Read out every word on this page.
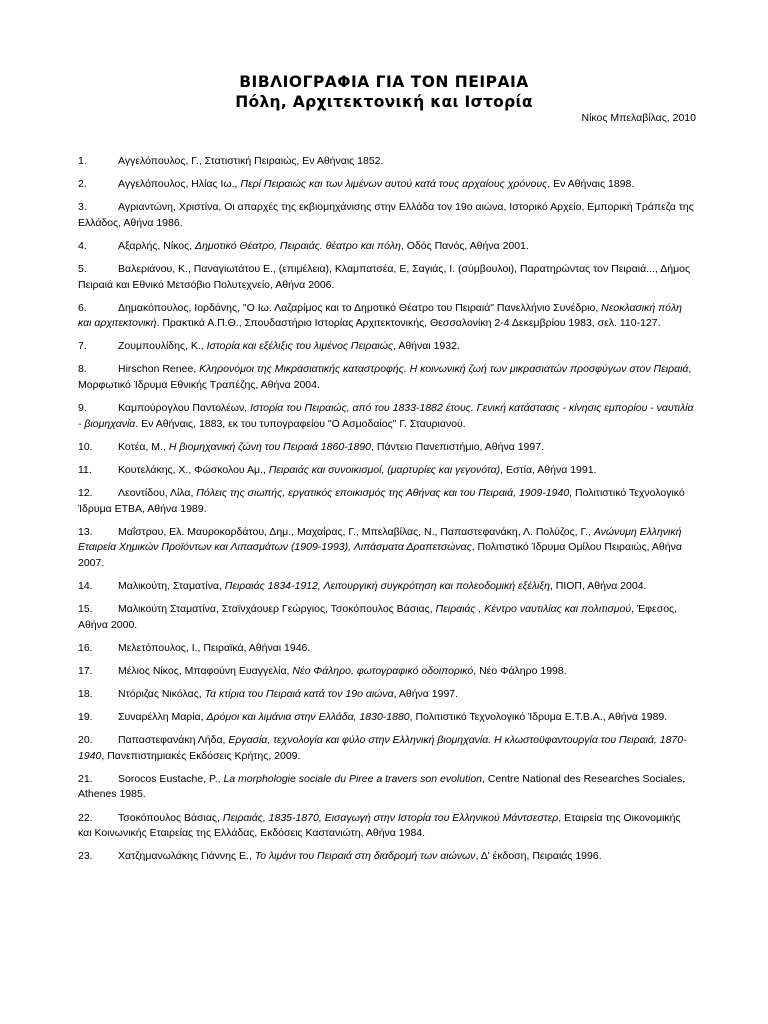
ΒΙΒΛΙΟΓΡΑΦΙΑ ΓΙΑ ΤΟΝ ΠΕΙΡΑΙΑ
Πόλη, Αρχιτεκτονική και Ιστορία

Νίκος Μπελαβίλας, 2010

1.	Αγγελόπουλος, Γ., Στατιστική Πειραιώς, Εν Αθήναις 1852.
2.	Αγγελόπουλος, Ηλίας Ιω., Περί Πειραιώς και των λιμένων αυτού κατά τους αρχαίους χρόνους, Εν Αθήναις 1898.
3.	Αγριαντώνη, Χριστίνα, Οι απαρχές της εκβιομηχάνισης στην Ελλάδα τον 19ο αιώνα, Ιστορικό Αρχείο, Εμπορική Τράπεζα της Ελλάδος, Αθήνα 1986.
4.	Αξαρλής, Νίκος, Δημοτικό Θέατρο, Πειραιάς. θέατρο και πόλη, Οδός Πανός, Αθήνα 2001.
5.	Βαλεριάνου, Κ., Παναγιωτάτου Ε., (επιμέλεια), Κλαμπατσέα, Ε, Σαγιάς, Ι. (σύμβουλοι), Παρατηρώντας τον Πειραιά..., Δήμος Πειραιά και Εθνικό Μετσόβιο Πολυτεχνείο, Αθήνα 2006.
6.	Δημακόπουλος, Ιορδάνης, "Ο Ιω. Λαζαρίμος και το Δημοτικό Θέατρο του Πειραιά" Πανελλήνιο Συνέδριο, Νεοκλασική πόλη και αρχιτεκτονική. Πρακτικά Α.Π.Θ., Σπουδαστήριο Ιστορίας Αρχιτεκτονικής, Θεσσαλονίκη 2-4 Δεκεμβρίου 1983, σελ. 110-127.
7.	Ζουμπουλίδης, Κ., Ιστορία και εξέλιξις του λιμένος Πειραιώς, Αθήναι 1932.
8.	Hirschon Renee, Κληρονόμοι της Μικρασιατικής καταστροφής. Η κοινωνική ζωή των μικρασιατών πρoσφύγων στον Πειραιά, Μορφωτικό Ίδρυμα Εθνικής Τραπέζης, Αθήνα 2004.
9.	Καμπούρογλου Παντολέων, Ιστορία του Πειραιώς, από του 1833-1882 έτους. Γενική κατάστασις - κίνησις εμπορίου - ναυτιλία - βιομηχανία. Εν Αθήναις, 1883, εκ του τυπογραφείου "Ο Ασμοδαίος" Γ. Σταυριανού.
10. Κοτέα, Μ., Η βιομηχανική ζώνη του Πειραιά 1860-1890, Πάντειο Πανεπιστήμιο, Αθήνα 1997.
11. Κουτελάκης, Χ., Φώσκολου Αμ., Πειραιάς και συνοικισμοί, (μαρτυρίες και γεγονότα), Εστία, Αθήνα 1991.
12. Λεοντίδου, Λίλα, Πόλεις της σιωπής, εργατικός εποικισμός της Αθήνας και του Πειραιά, 1909-1940, Πολιτιστικό Τεχνολογικό Ίδρυμα ΕΤΒΑ, Αθήνα 1989.
13. Μαΐστρου, Ελ. Μαυροκορδάτου, Δημ., Μαχαίρας, Γ., Μπελαβίλας, Ν., Παπαστεφανάκη, Λ. Πολύζος, Γ., Ανώνυμη Ελληνική Εταιρεία Χημικών Προϊόντων και Λιπασμάτων (1909-1993), Λιπάσματα Δραπετσώνας, Πολιτιστικό Ίδρυμα Ομίλου Πειραιώς, Αθήνα 2007.
14. Μαλικούτη, Σταματίνα, Πειραιάς 1834-1912, Λειτουργική συγκρότηση και πολεοδομική εξέλιξη, ΠΙΟΠ, Αθήνα 2004.
15. Μαλικούτη Σταματίνα, Σταϊνχάουερ Γεώργιος, Τσοκόπουλος Βάσιας, Πειραιάς , Κέντρο ναυτιλίας και πολιτισμού, Έφεσος, Αθήνα 2000.
16. Μελετόπουλος, Ι., Πειραϊκά, Αθήναι 1946.
17. Μέλιος Νίκος, Μπαφούνη Ευαγγελία, Νέο Φάληρο, φωτογραφικό οδοιπορικό, Νέο Φάληρο 1998.
18. Ντόριζας Νικόλας, Τα κτίρια του Πειραιά κατά τον 19ο αιώνα, Αθήνα 1997.
19. Συναρέλλη Μαρία, Δρόμοι και λιμάνια στην Ελλάδα, 1830-1880, Πολιτιστικό Τεχνολογικό Ίδρυμα Ε.Τ.Β.Α., Αθήνα 1989.
20. Παπαστεφανάκη Λήδα, Εργασία, τεχνολογία και φύλο στην Ελληνική βιομηχανία. Η κλωστοϋφαντουργία του Πειραιά, 1870-1940, Πανεπιστημιακές Εκδόσεις Κρήτης, 2009.
21. Sorocos Eustache, P., La morphologie sociale du Piree a travers son evolution, Centre National des Researches Sociales, Athenes 1985.
22. Τσοκόπουλος Βάσιας, Πειραιάς, 1835-1870, Εισαγωγή στην Ιστορία του Ελληνικού Μάντσεστερ, Εταιρεία της Οικονομικής και Κοινωνικής Εταιρείας της Ελλάδας, Εκδόσεις Καστανιώτη, Αθήνα 1984.
23. Χατζημανωλάκης Γιάννης Ε., Το λιμάνι του Πειραιά στη διαδρομή των αιώνων, Δ' έκδοση, Πειραιάς 1996.
